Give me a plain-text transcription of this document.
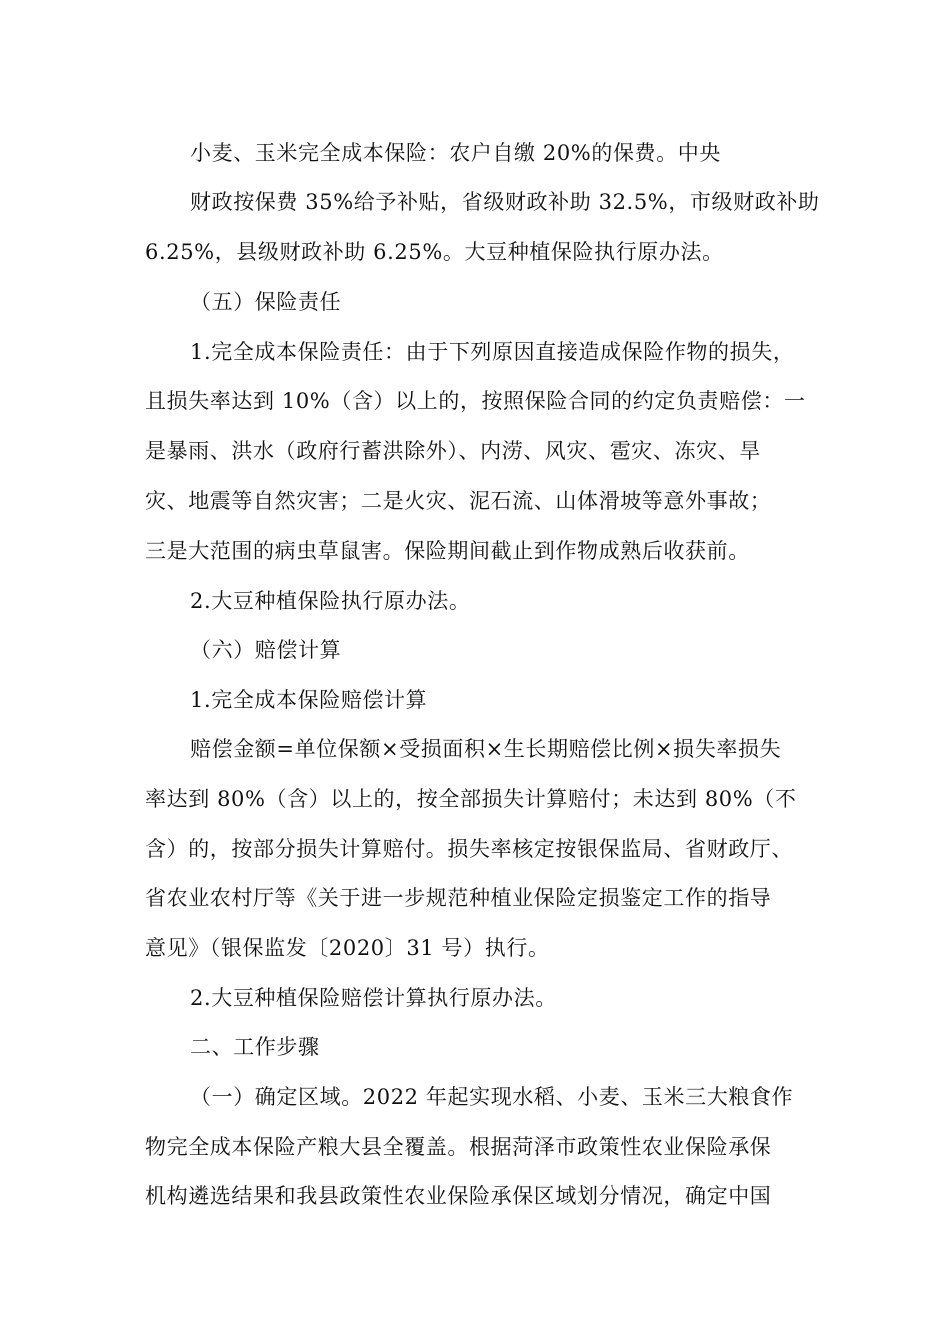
小麦、玉米完全成本保险：农户自缴 20%的保费。中央
财政按保费 35%给予补贴，省级财政补助 32.5%，市级财政补助
6.25%，县级财政补助 6.25%。大豆种植保险执行原办法。
（五）保险责任
1.完全成本保险责任：由于下列原因直接造成保险作物的损失，
且损失率达到 10%（含）以上的，按照保险合同的约定负责赔偿：一
是暴雨、洪水（政府行蓄洪除外）、内涝、风灾、雹灾、冻灾、旱
灾、地震等自然灾害；二是火灾、泥石流、山体滑坡等意外事故；
三是大范围的病虫草鼠害。保险期间截止到作物成熟后收获前。
2.大豆种植保险执行原办法。
（六）赔偿计算
1.完全成本保险赔偿计算
赔偿金额=单位保额×受损面积×生长期赔偿比例×损失率损失
率达到 80%（含）以上的，按全部损失计算赔付；未达到 80%（不
含）的，按部分损失计算赔付。损失率核定按银保监局、省财政厅、
省农业农村厅等《关于进一步规范种植业保险定损鉴定工作的指导
意见》（银保监发〔2020〕31 号）执行。
2.大豆种植保险赔偿计算执行原办法。
二、工作步骤
（一）确定区域。2022 年起实现水稻、小麦、玉米三大粮食作
物完全成本保险产粮大县全覆盖。根据菏泽市政策性农业保险承保
机构遴选结果和我县政策性农业保险承保区域划分情况，确定中国
